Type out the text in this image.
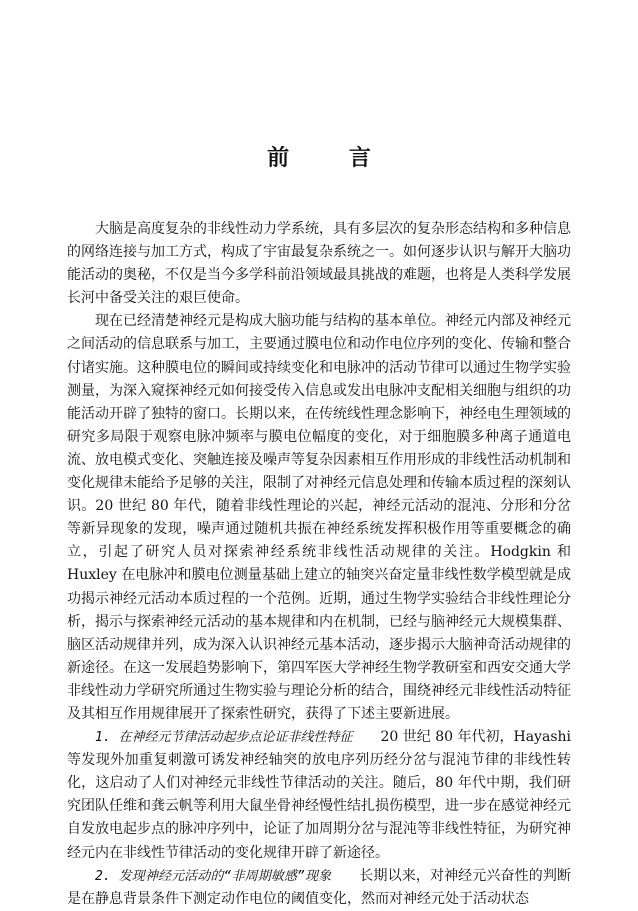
前 言

大脑是高度复杂的非线性动力学系统，具有多层次的复杂形态结构和多种信息的网络连接与加工方式，构成了宇宙最复杂系统之一。如何逐步认识与解开大脑功能活动的奥秘，不仅是当今多学科前沿领域最具挑战的难题，也将是人类科学发展长河中备受关注的艰巨使命。

现在已经清楚神经元是构成大脑功能与结构的基本单位。神经元内部及神经元之间活动的信息联系与加工，主要通过膜电位和动作电位序列的变化、传输和整合付诸实施。这种膜电位的瞬间或持续变化和电脉冲的活动节律可以通过生物学实验测量，为深入窥探神经元如何接受传入信息或发出电脉冲支配相关细胞与组织的功能活动开辟了独特的窗口。长期以来，在传统线性理念影响下，神经电生理领域的研究多局限于观察电脉冲频率与膜电位幅度的变化，对于细胞膜多种离子通道电流、放电模式变化、突触连接及噪声等复杂因素相互作用形成的非线性活动机制和变化规律未能给予足够的关注，限制了对神经元信息处理和传输本质过程的深刻认识。20 世纪 80 年代，随着非线性理论的兴起，神经元活动的混沌、分形和分岔等新异现象的发现，噪声通过随机共振在神经系统发挥积极作用等重要概念的确立，引起了研究人员对探索神经系统非线性活动规律的关注。Hodgkin 和 Huxley 在电脉冲和膜电位测量基础上建立的轴突兴奋定量非线性数学模型就是成功揭示神经元活动本质过程的一个范例。近期，通过生物学实验结合非线性理论分析，揭示与探索神经元活动的基本规律和内在机制，已经与脑神经元大规模集群、脑区活动规律并列，成为深入认识神经元基本活动，逐步揭示大脑神奇活动规律的新途径。在这一发展趋势影响下，第四军医大学神经生物学教研室和西安交通大学非线性动力学研究所通过生物实验与理论分析的结合，围绕神经元非线性活动特征及其相互作用规律展开了探索性研究，获得了下述主要新进展。

1. 在神经元节律活动起步点论证非线性特征 20 世纪 80 年代初，Hayashi 等发现外加重复刺激可诱发神经轴突的放电序列历经分岔与混沌节律的非线性转化，这启动了人们对神经元非线性节律活动的关注。随后，80 年代中期，我们研究团队任维和龚云帆等利用大鼠坐骨神经慢性结扎损伤模型，进一步在感觉神经元自发放电起步点的脉冲序列中，论证了加周期分岔与混沌等非线性特征，为研究神经元内在非线性节律活动的变化规律开辟了新途径。

2. 发现神经元活动的“非周期敏感”现象 长期以来，对神经元兴奋性的判断是在静息背景条件下测定动作电位的阈值变化，然而对神经元处于活动状态
